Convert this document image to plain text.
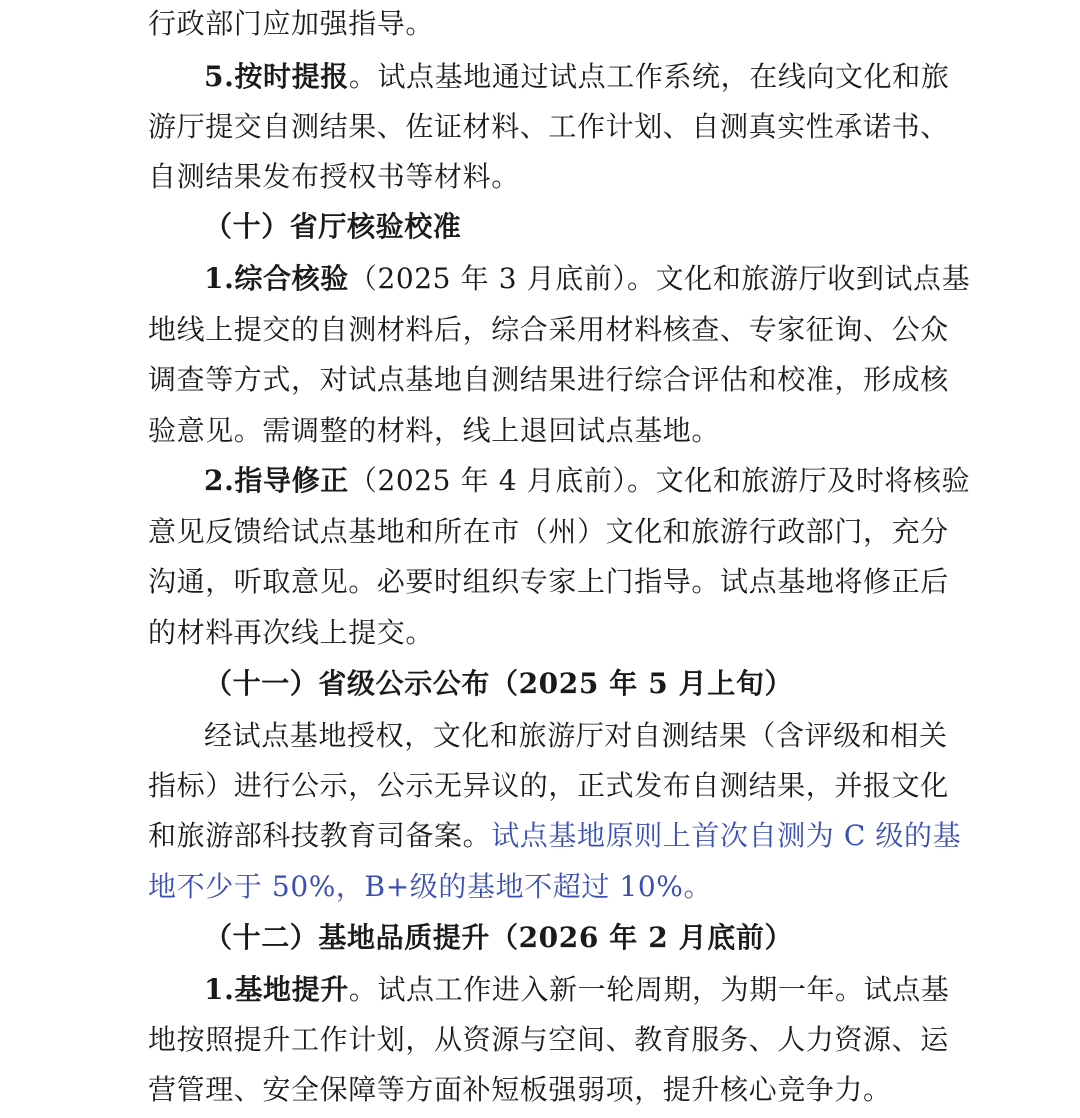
行政部门应加强指导。
5.按时提报。试点基地通过试点工作系统，在线向文化和旅
游厅提交自测结果、佐证材料、工作计划、自测真实性承诺书、
自测结果发布授权书等材料。
（十）省厅核验校准
1.综合核验（2025 年 3 月底前）。文化和旅游厅收到试点基
地线上提交的自测材料后，综合采用材料核查、专家征询、公众
调查等方式，对试点基地自测结果进行综合评估和校准，形成核
验意见。需调整的材料，线上退回试点基地。
2.指导修正（2025 年 4 月底前）。文化和旅游厅及时将核验
意见反馈给试点基地和所在市（州）文化和旅游行政部门，充分
沟通，听取意见。必要时组织专家上门指导。试点基地将修正后
的材料再次线上提交。
（十一）省级公示公布（2025 年 5 月上旬）
经试点基地授权，文化和旅游厅对自测结果（含评级和相关
指标）进行公示，公示无异议的，正式发布自测结果，并报文化
和旅游部科技教育司备案。试点基地原则上首次自测为 C 级的基
地不少于 50%，B+级的基地不超过 10%。
（十二）基地品质提升（2026 年 2 月底前）
1.基地提升。试点工作进入新一轮周期，为期一年。试点基
地按照提升工作计划，从资源与空间、教育服务、人力资源、运
营管理、安全保障等方面补短板强弱项，提升核心竞争力。
